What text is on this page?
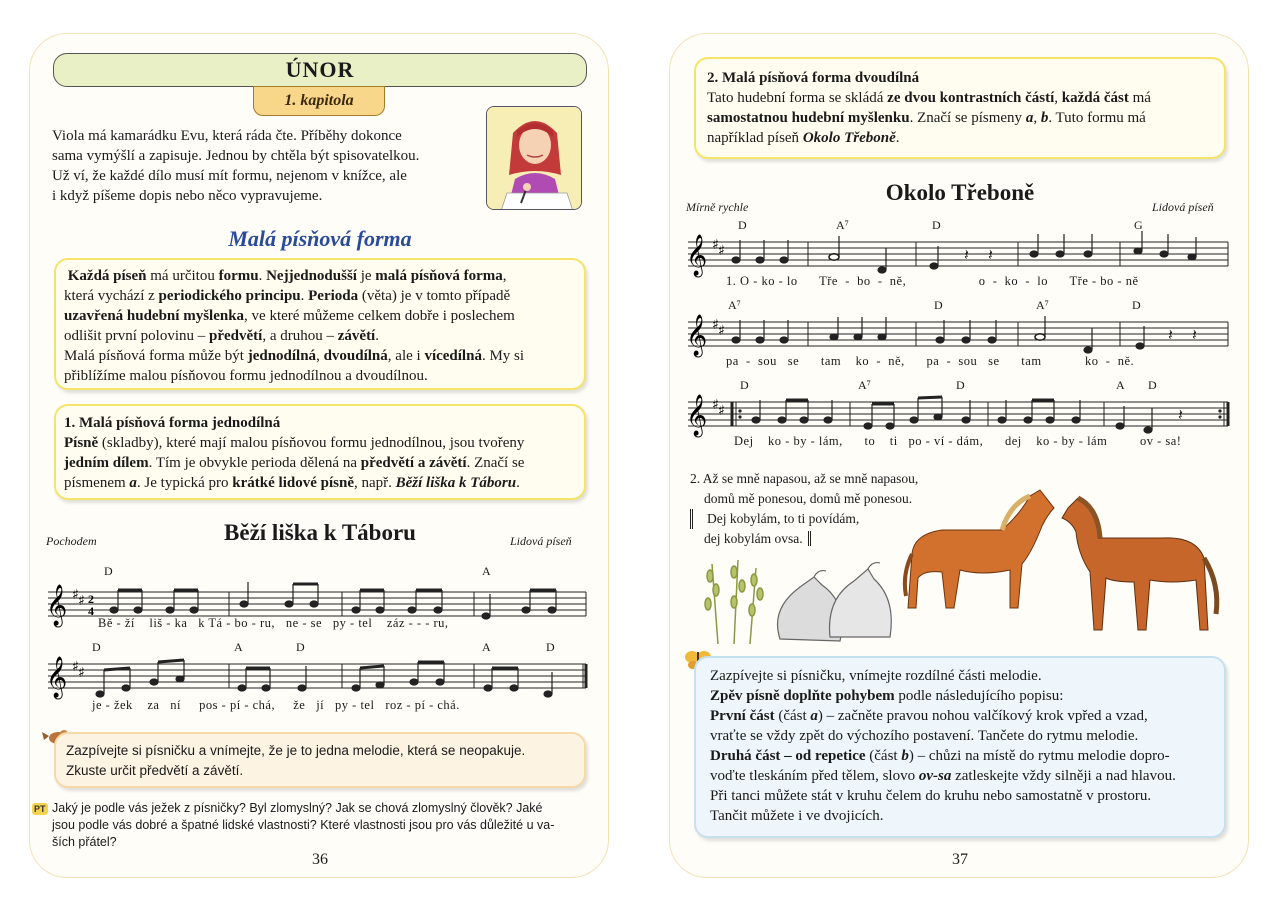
ÚNOR
1. kapitola
Viola má kamarádku Evu, která ráda čte. Příběhy dokonce
sama vymýšlí a zapisuje. Jednou by chtěla být spisovatelkou.
Už ví, že každé dílo musí mít formu, nejenom v knížce, ale
i když píšeme dopis nebo něco vypravujeme.
Malá písňová forma
Každá píseň má určitou formu. Nejjednodušší je malá písňová forma,
která vychází z periodického principu. Perioda (věta) je v tomto případě
uzavřená hudební myšlenka, ve které můžeme celkem dobře i poslechem
odlišit první polovinu – předvětí, a druhou – závětí.
Malá písňová forma může být jednodílná, dvoudílná, ale i vícedílná. My si
přiblížíme malou písňovou formu jednodílnou a dvoudílnou.
1. Malá písňová forma jednodílná
Písně (skladby), které mají malou písňovou formu jednodílnou, jsou tvořeny
jedním dílem. Tím je obvykle perioda dělená na předvětí a závětí. Značí se
písmenem a. Je typická pro krátké lidové písně, např. Běží liška k Táboru.
Pochodem	Běží liška k Táboru	Lidová píseň
𝄞 ♯ ♯ 2
4
D	A
Bě - ží liš - ka k Tá - bo - ru, ne - se py - tel    záz - - - ru,
𝄞 ♯ ♯
D	A	D	A	D
je - žek za ní pos - pí - chá, že jí py - tel roz - pí - chá.
Zazpívejte si písničku a vnímejte, že je to jedna melodie, která se neopakuje.
Zkuste určit předvětí a závětí.
PT Jaký je podle vás ježek z písničky? Byl zlomyslný? Jak se chová zlomyslný člověk? Jaké
jsou podle vás dobré a špatné lidské vlastnosti? Které vlastnosti jsou pro vás důležité u va-
ších přátel?
36
2. Malá písňová forma dvoudílná
Tato hudební forma se skládá ze dvou kontrastních částí, každá část má
samostatnou hudební myšlenku. Značí se písmeny a, b. Tuto formu má
například píseň Okolo Třeboně.
Mírně rychle
Okolo Třeboně
Lidová píseň
𝄞 ♯ ♯	𝄽 𝄽
D	A⁷	D	G
1. O - ko - lo      Tře  -  bo  -  ně,                    o  -  ko  -  lo      Tře - bo - ně
𝄞 ♯ ♯	𝄽 𝄽
A⁷	D	A⁷	D
pa  -  sou   se      tam    ko  -  ně,      pa  -  sou   se      tam            ko  -  ně.
𝄞 ♯ ♯	𝄽
D	A⁷	D	A D
Dej    ko - by - lám,      to    ti   po - ví - dám,      dej    ko - by - lám         ov - sa!
2. Až se mně napasou, až se mně napasou,
domů mě ponesou, domů mě ponesou.
Dej kobylám, to ti povídám,
dej kobylám ovsa.
Zazpívejte si písničku, vnímejte rozdílné části melodie.
Zpěv písně doplňte pohybem podle následujícího popisu:
První část (část a) – začněte pravou nohou valčíkový krok vpřed a vzad,
vraťte se vždy zpět do výchozího postavení. Tančete do rytmu melodie.
Druhá část – od repetice (část b) – chůzi na místě do rytmu melodie dopro-
voďte tleskáním před tělem, slovo ov-sa zatleskejte vždy silněji a nad hlavou.
Při tanci můžete stát v kruhu čelem do kruhu nebo samostatně v prostoru.
Tančit můžete i ve dvojicích.
37
